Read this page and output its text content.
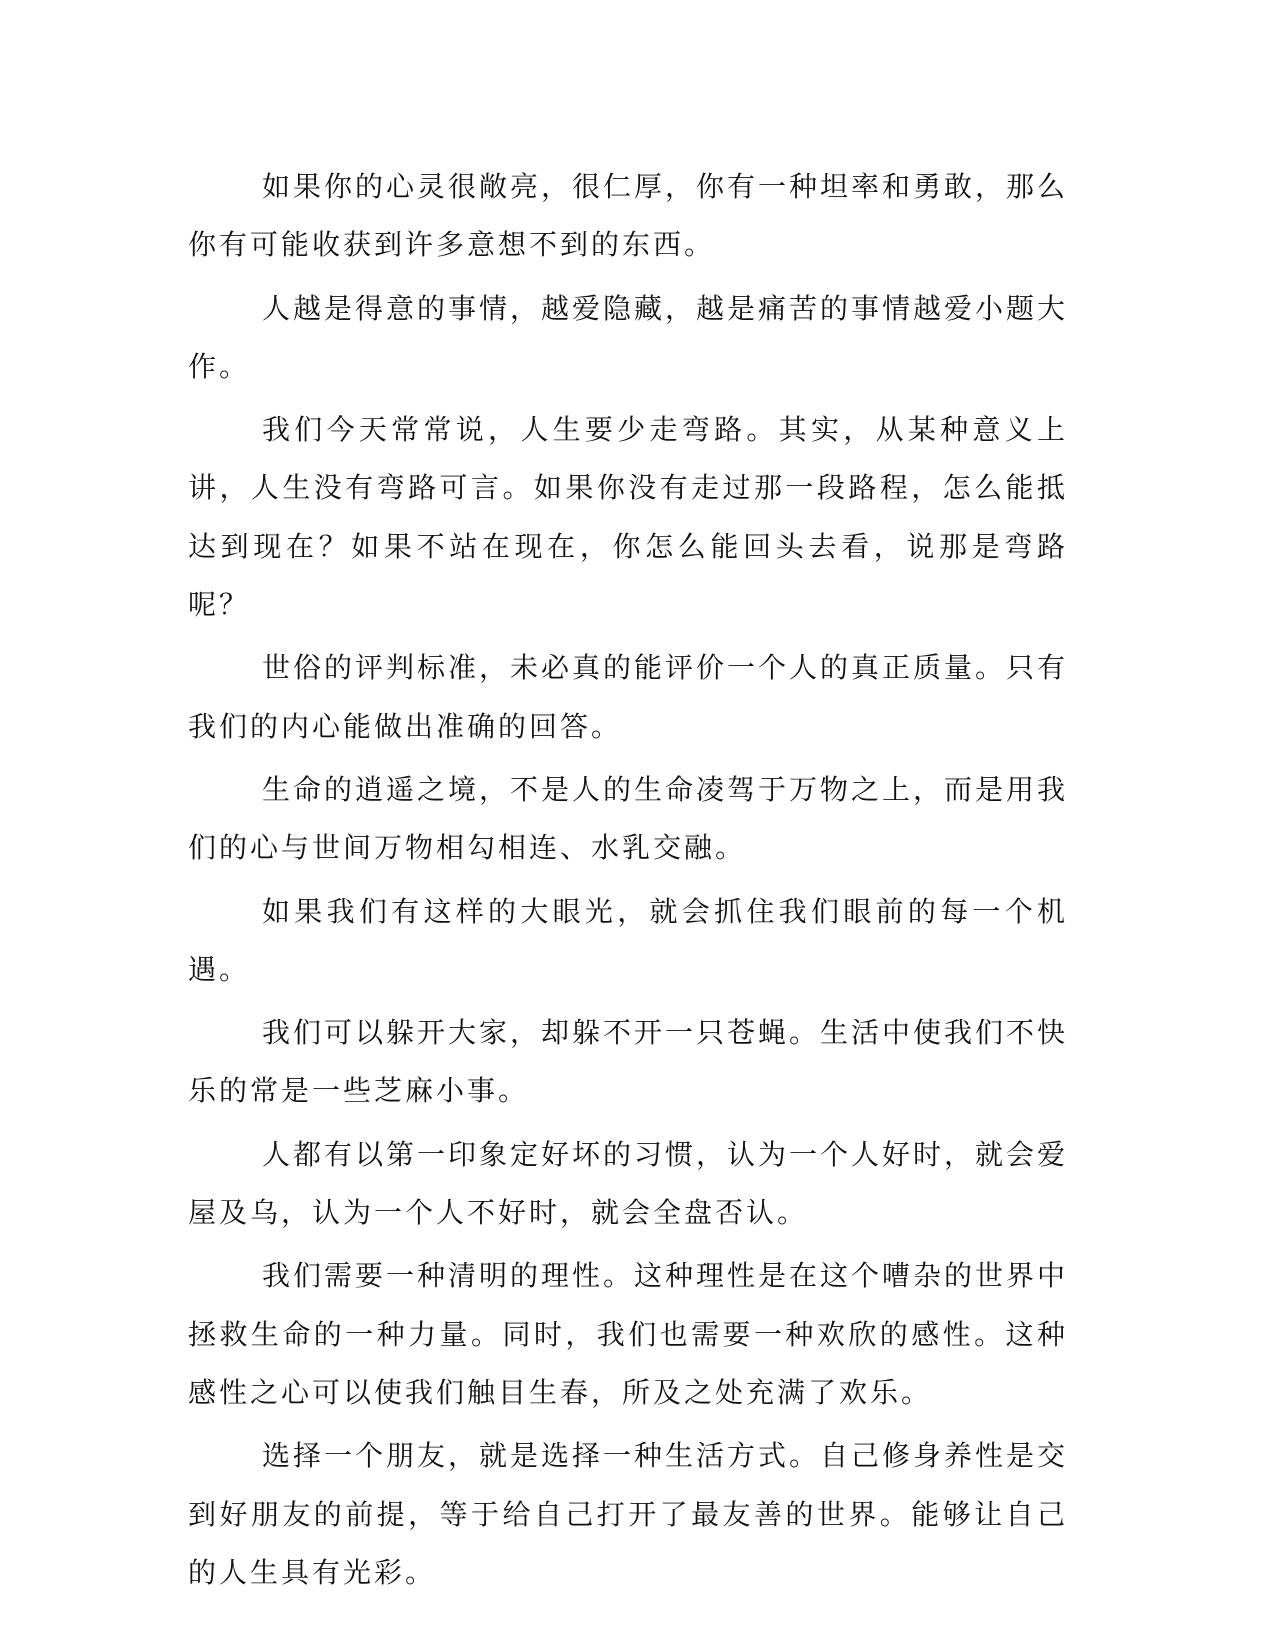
如果你的心灵很敞亮，很仁厚，你有一种坦率和勇敢，那么你有可能收获到许多意想不到的东西。

人越是得意的事情，越爱隐藏，越是痛苦的事情越爱小题大作。

我们今天常常说，人生要少走弯路。其实，从某种意义上讲，人生没有弯路可言。如果你没有走过那一段路程，怎么能抵达到现在？如果不站在现在，你怎么能回头去看，说那是弯路呢？

世俗的评判标准，未必真的能评价一个人的真正质量。只有我们的内心能做出准确的回答。

生命的逍遥之境，不是人的生命凌驾于万物之上，而是用我们的心与世间万物相勾相连、水乳交融。

如果我们有这样的大眼光，就会抓住我们眼前的每一个机遇。

我们可以躲开大家，却躲不开一只苍蝇。生活中使我们不快乐的常是一些芝麻小事。

人都有以第一印象定好坏的习惯，认为一个人好时，就会爱屋及乌，认为一个人不好时，就会全盘否认。

我们需要一种清明的理性。这种理性是在这个嘈杂的世界中拯救生命的一种力量。同时，我们也需要一种欢欣的感性。这种感性之心可以使我们触目生春，所及之处充满了欢乐。

选择一个朋友，就是选择一种生活方式。自己修身养性是交到好朋友的前提，等于给自己打开了最友善的世界。能够让自己的人生具有光彩。
